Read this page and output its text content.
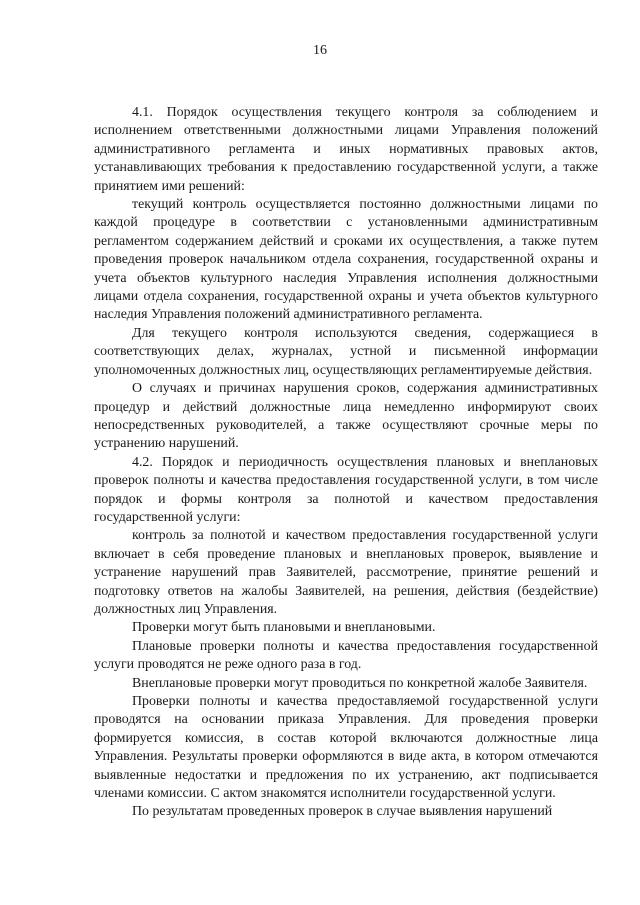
16

4.1. Порядок осуществления текущего контроля за соблюдением и исполнением ответственными должностными лицами Управления положений административного регламента и иных нормативных правовых актов, устанавливающих требования к предоставлению государственной услуги, а также принятием ими решений:

текущий контроль осуществляется постоянно должностными лицами по каждой процедуре в соответствии с установленными административным регламентом содержанием действий и сроками их осуществления, а также путем проведения проверок начальником отдела сохранения, государственной охраны и учета объектов культурного наследия Управления исполнения должностными лицами отдела сохранения, государственной охраны и учета объектов культурного наследия Управления положений административного регламента.

Для текущего контроля используются сведения, содержащиеся в соответствующих делах, журналах, устной и письменной информации уполномоченных должностных лиц, осуществляющих регламентируемые действия.

О случаях и причинах нарушения сроков, содержания административных процедур и действий должностные лица немедленно информируют своих непосредственных руководителей, а также осуществляют срочные меры по устранению нарушений.

4.2. Порядок и периодичность осуществления плановых и внеплановых проверок полноты и качества предоставления государственной услуги, в том числе порядок и формы контроля за полнотой и качеством предоставления государственной услуги:

контроль за полнотой и качеством предоставления государственной услуги включает в себя проведение плановых и внеплановых проверок, выявление и устранение нарушений прав Заявителей, рассмотрение, принятие решений и подготовку ответов на жалобы Заявителей, на решения, действия (бездействие) должностных лиц Управления.

Проверки могут быть плановыми и внеплановыми.

Плановые проверки полноты и качества предоставления государственной услуги проводятся не реже одного раза в год.

Внеплановые проверки могут проводиться по конкретной жалобе Заявителя.

Проверки полноты и качества предоставляемой государственной услуги проводятся на основании приказа Управления. Для проведения проверки формируется комиссия, в состав которой включаются должностные лица Управления. Результаты проверки оформляются в виде акта, в котором отмечаются выявленные недостатки и предложения по их устранению, акт подписывается членами комиссии. С актом знакомятся исполнители государственной услуги.

По результатам проведенных проверок в случае выявления нарушений
